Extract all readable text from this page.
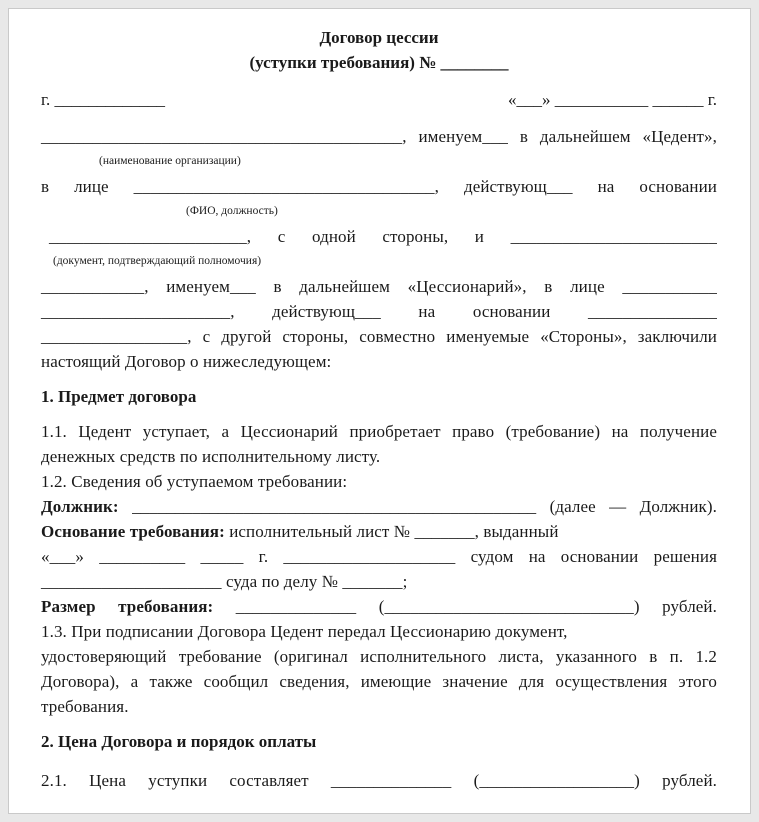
Договор цессии
(уступки требования) № ________
г. _____________	«___» ___________ ______ г.
__________________________________________, именуем___ в дальнейшем «Цедент»,
(наименование организации)
в лице ___________________________________, действующ___ на основании
(ФИО, должность)
_______________________, с одной стороны, и ________________________
(документ, подтверждающий полномочия)
____________, именуем___ в дальнейшем «Цессионарий», в лице ___________
______________________, действующ___ на основании _______________
_________________, с другой стороны, совместно именуемые «Стороны», заключили
настоящий Договор о нижеследующем:
1. Предмет договора
1.1. Цедент уступает, а Цессионарий приобретает право (требование) на получение
денежных средств по исполнительному листу.
1.2. Сведения об уступаемом требовании:
Должник: _______________________________________________ (далее — Должник).
Основание требования: исполнительный лист № _______, выданный
«___» __________ _____ г. ____________________ судом на основании решения
_____________________ суда по делу № _______;
Размер требования: ______________ (_____________________________) рублей.
1.3. При подписании Договора Цедент передал Цессионарию документ,
удостоверяющий требование (оригинал исполнительного листа, указанного в п. 1.2
Договора), а также сообщил сведения, имеющие значение для осуществления этого
требования.
2. Цена Договора и порядок оплаты
2.1. Цена уступки составляет ______________ (__________________) рублей.
